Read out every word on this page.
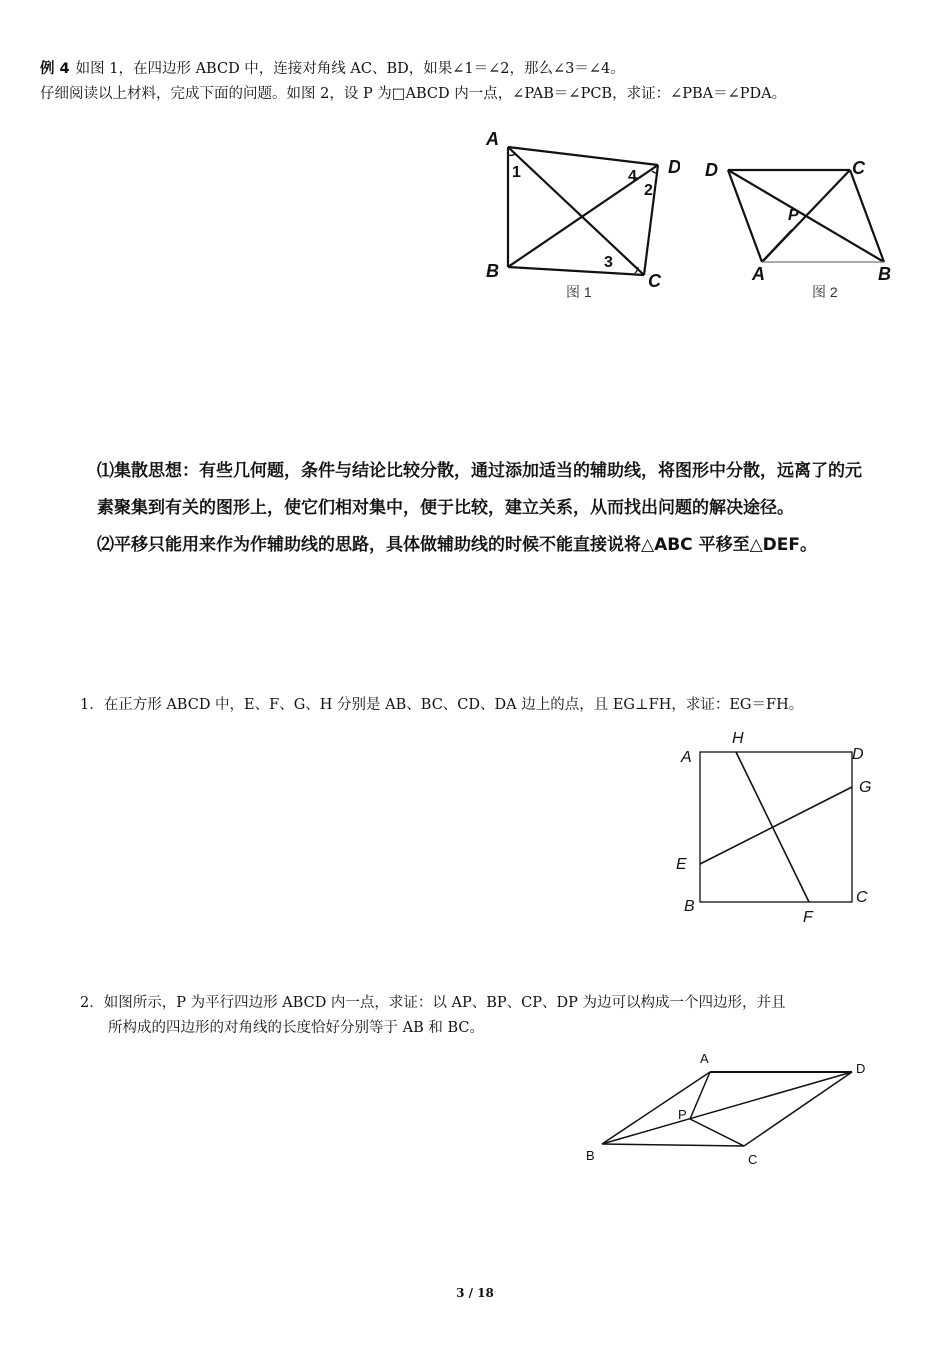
例 4 如图 1，在四边形 ABCD 中，连接对角线 AC、BD，如果∠1＝∠2，那么∠3＝∠4。
仔细阅读以上材料，完成下面的问题。如图 2，设 P 为□ABCD 内一点，∠PAB＝∠PCB，求证：∠PBA＝∠PDA。
A
B	C
D
1
2
3
4
图 1
D	C
A	B
P
图 2

⑴集散思想：有些几何题，条件与结论比较分散，通过添加适当的辅助线，将图形中分散，远离了的元素聚集到有关的图形上，使它们相对集中，便于比较，建立关系，从而找出问题的解决途径。

⑵平移只能用来作为作辅助线的思路，具体做辅助线的时候不能直接说将△ABC 平移至△DEF。

1．在正方形 ABCD 中，E、F、G、H 分别是 AB、BC、CD、DA 边上的点，且 EG⊥FH，求证：EG＝FH。
A
H
D
G
E
C
B
F
2．如图所示，P 为平行四边形 ABCD 内一点，求证：以 AP、BP、CP、DP 为边可以构成一个四边形，并且
所构成的四边形的对角线的长度恰好分别等于 AB 和 BC。
A
D
P
B	C
3 / 18
